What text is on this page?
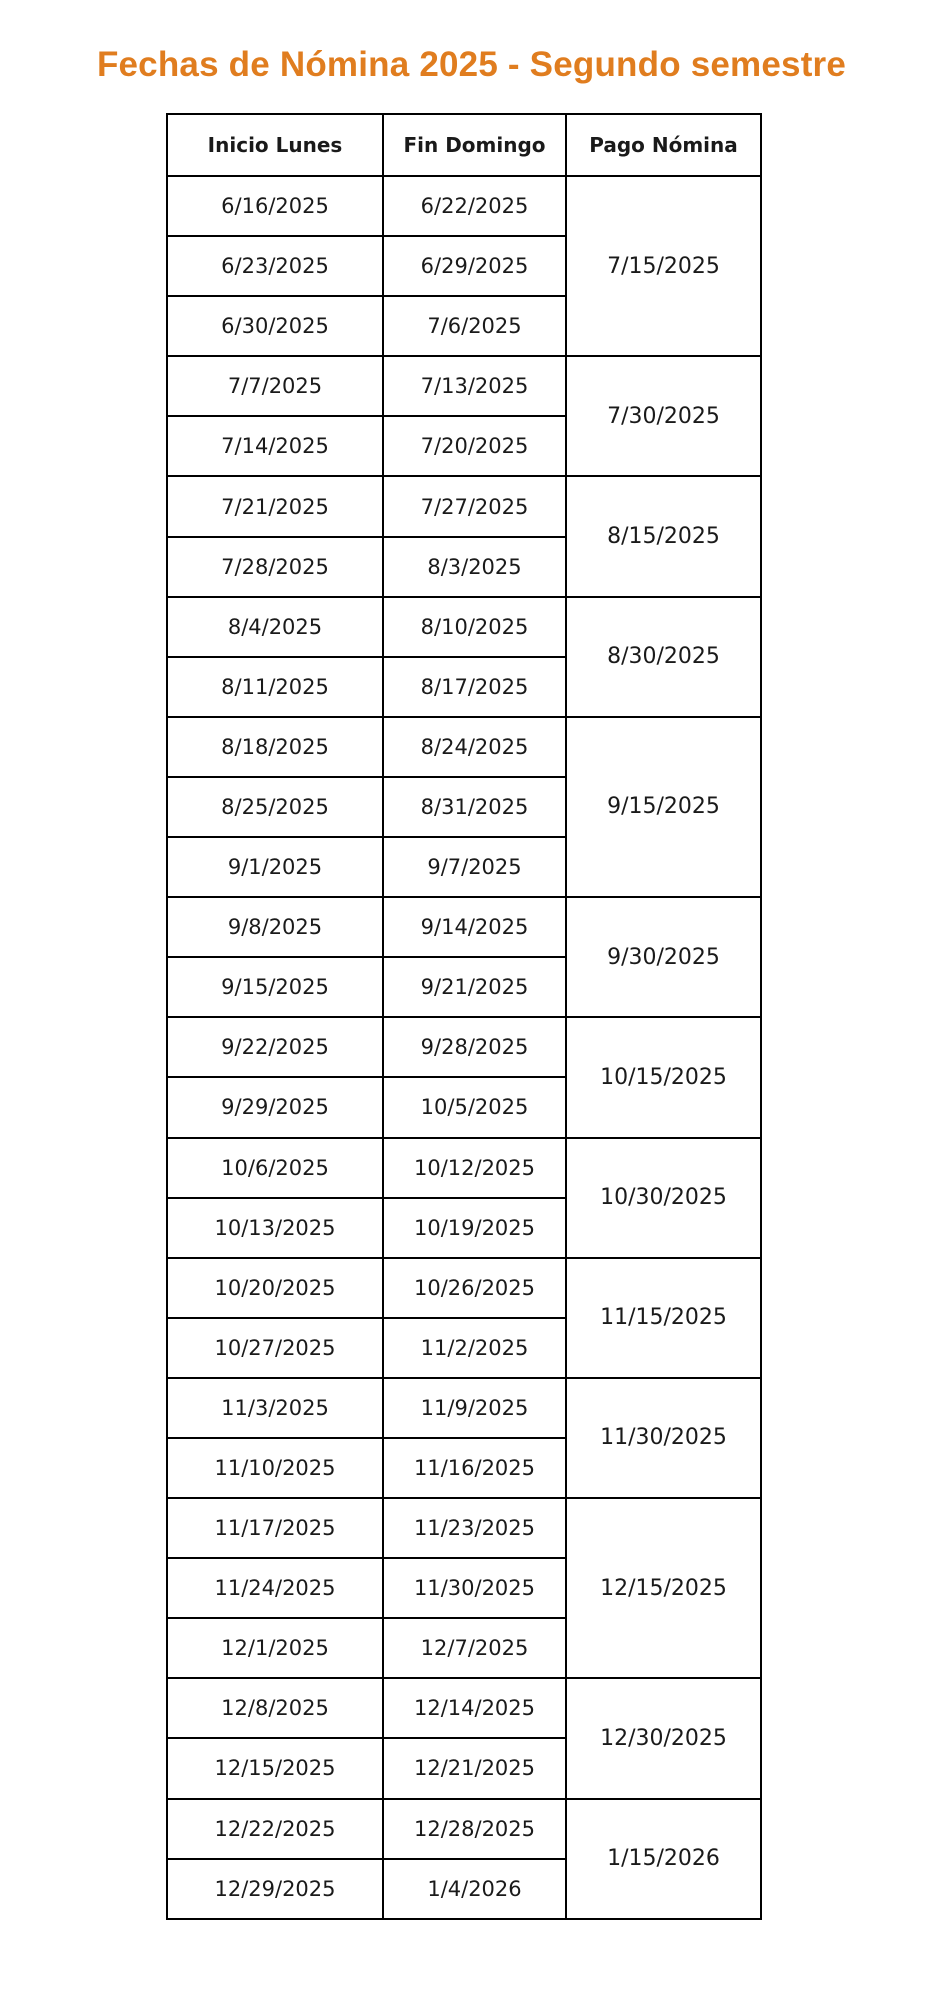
Fechas de Nómina 2025 - Segundo semestre
Inicio Lunes	Fin Domingo	Pago Nómina
6/16/2025	6/22/2025	7/15/2025
6/23/2025	6/29/2025	
6/30/2025	7/6/2025	
7/7/2025	7/13/2025	7/30/2025
7/14/2025	7/20/2025	
7/21/2025	7/27/2025	8/15/2025
7/28/2025	8/3/2025	
8/4/2025	8/10/2025	8/30/2025
8/11/2025	8/17/2025	
8/18/2025	8/24/2025	9/15/2025
8/25/2025	8/31/2025	
9/1/2025	9/7/2025	
9/8/2025	9/14/2025	9/30/2025
9/15/2025	9/21/2025	
9/22/2025	9/28/2025	10/15/2025
9/29/2025	10/5/2025	
10/6/2025	10/12/2025	10/30/2025
10/13/2025	10/19/2025	
10/20/2025	10/26/2025	11/15/2025
10/27/2025	11/2/2025	
11/3/2025	11/9/2025	11/30/2025
11/10/2025	11/16/2025	
11/17/2025	11/23/2025	12/15/2025
11/24/2025	11/30/2025	
12/1/2025	12/7/2025	
12/8/2025	12/14/2025	12/30/2025
12/15/2025	12/21/2025	
12/22/2025	12/28/2025	1/15/2026
12/29/2025	1/4/2026	
